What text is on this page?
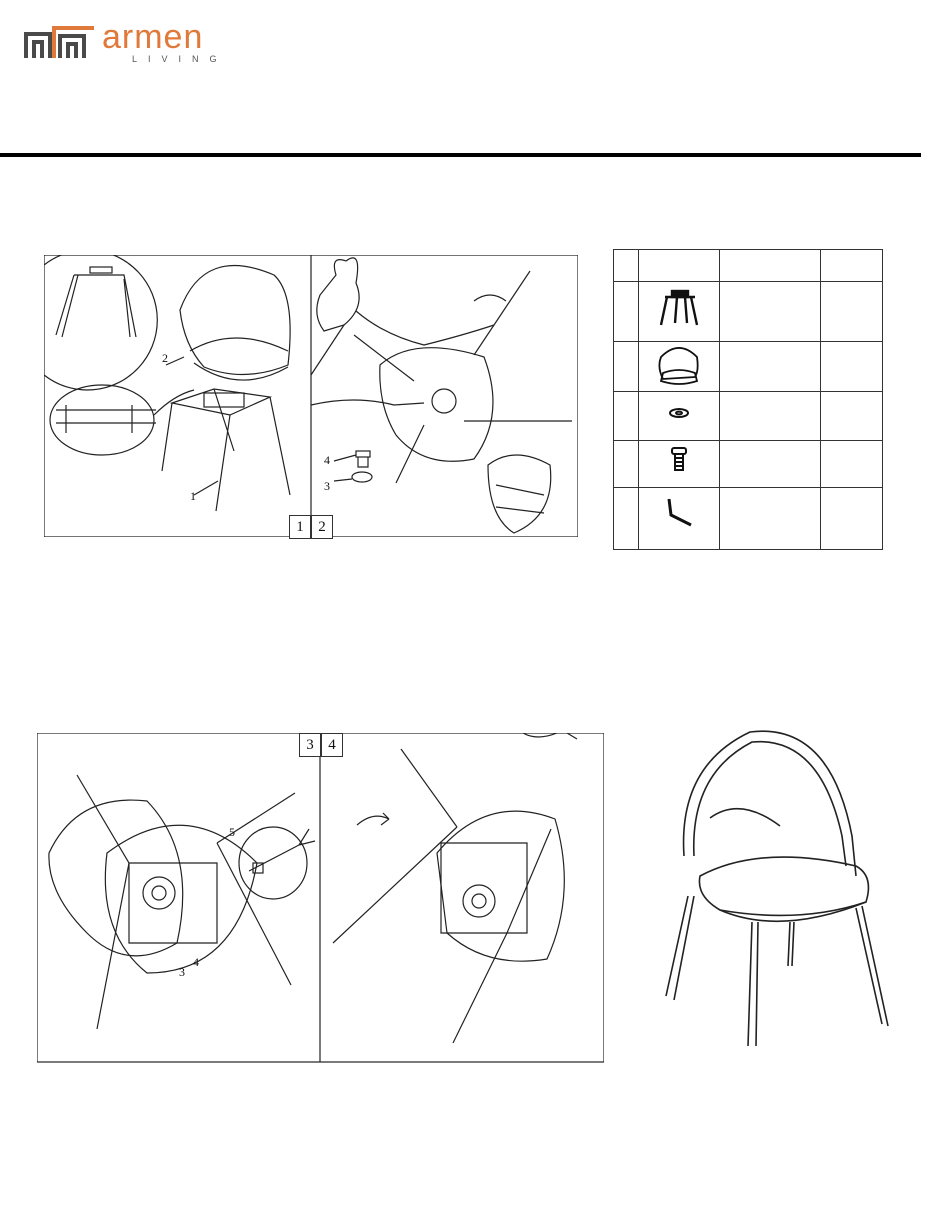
armen
LIVING
2
1
4
3
1 2

5
3
4
3 4
